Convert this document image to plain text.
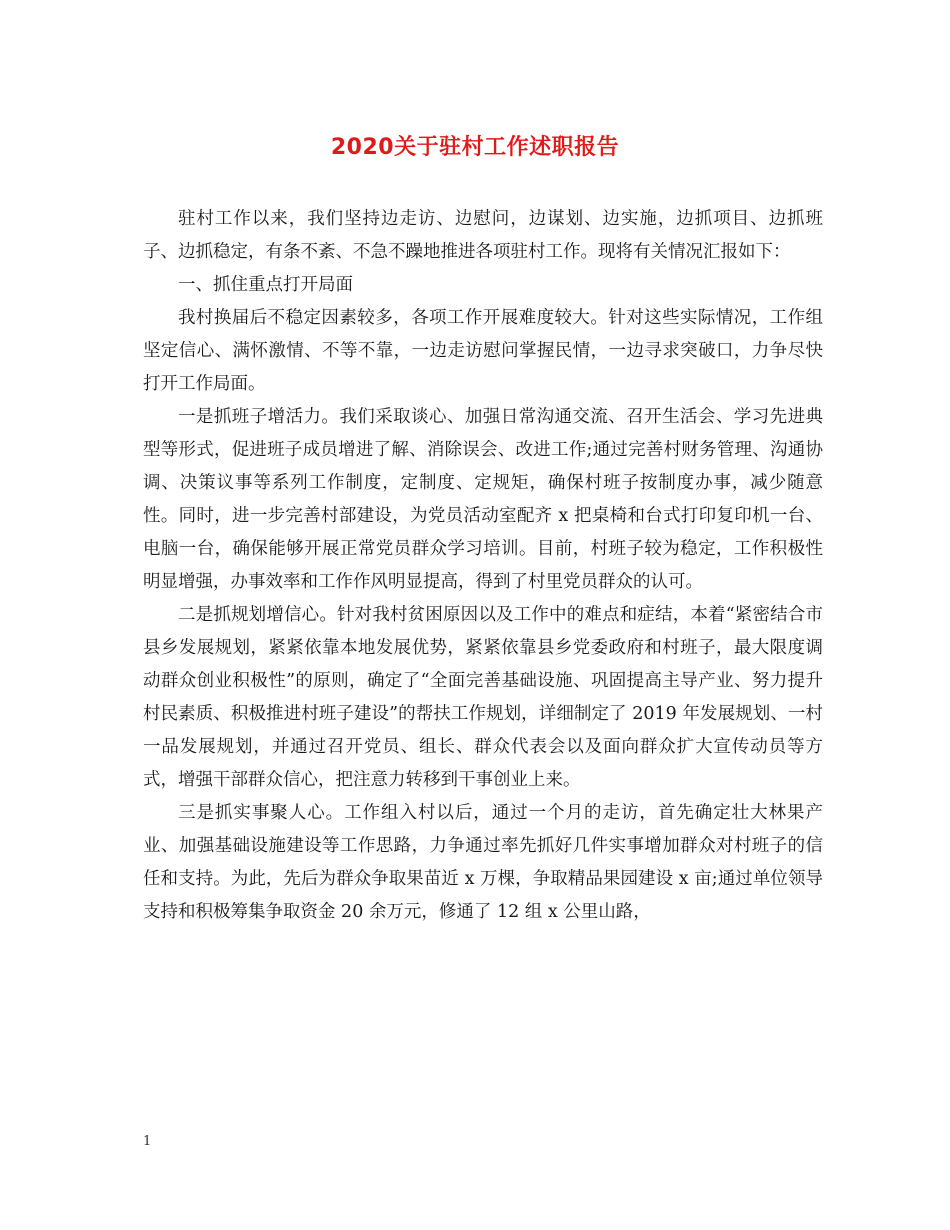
2020关于驻村工作述职报告

驻村工作以来，我们坚持边走访、边慰问，边谋划、边实施，边抓项目、边抓班子、边抓稳定，有条不紊、不急不躁地推进各项驻村工作。现将有关情况汇报如下：

一、抓住重点打开局面

我村换届后不稳定因素较多，各项工作开展难度较大。针对这些实际情况，工作组坚定信心、满怀激情、不等不靠，一边走访慰问掌握民情，一边寻求突破口，力争尽快打开工作局面。

一是抓班子增活力。我们采取谈心、加强日常沟通交流、召开生活会、学习先进典型等形式，促进班子成员增进了解、消除误会、改进工作;通过完善村财务管理、沟通协调、决策议事等系列工作制度，定制度、定规矩，确保村班子按制度办事，减少随意性。同时，进一步完善村部建设，为党员活动室配齐 x 把桌椅和台式打印复印机一台、电脑一台，确保能够开展正常党员群众学习培训。目前，村班子较为稳定，工作积极性明显增强，办事效率和工作作风明显提高，得到了村里党员群众的认可。

二是抓规划增信心。针对我村贫困原因以及工作中的难点和症结，本着“紧密结合市县乡发展规划，紧紧依靠本地发展优势，紧紧依靠县乡党委政府和村班子，最大限度调动群众创业积极性”的原则，确定了“全面完善基础设施、巩固提高主导产业、努力提升村民素质、积极推进村班子建设”的帮扶工作规划，详细制定了 2019 年发展规划、一村一品发展规划，并通过召开党员、组长、群众代表会以及面向群众扩大宣传动员等方式，增强干部群众信心，把注意力转移到干事创业上来。

三是抓实事聚人心。工作组入村以后，通过一个月的走访，首先确定壮大林果产业、加强基础设施建设等工作思路，力争通过率先抓好几件实事增加群众对村班子的信任和支持。为此，先后为群众争取果苗近 x 万棵，争取精品果园建设 x 亩;通过单位领导支持和积极筹集争取资金 20 余万元，修通了 12 组 x 公里山路，

1
